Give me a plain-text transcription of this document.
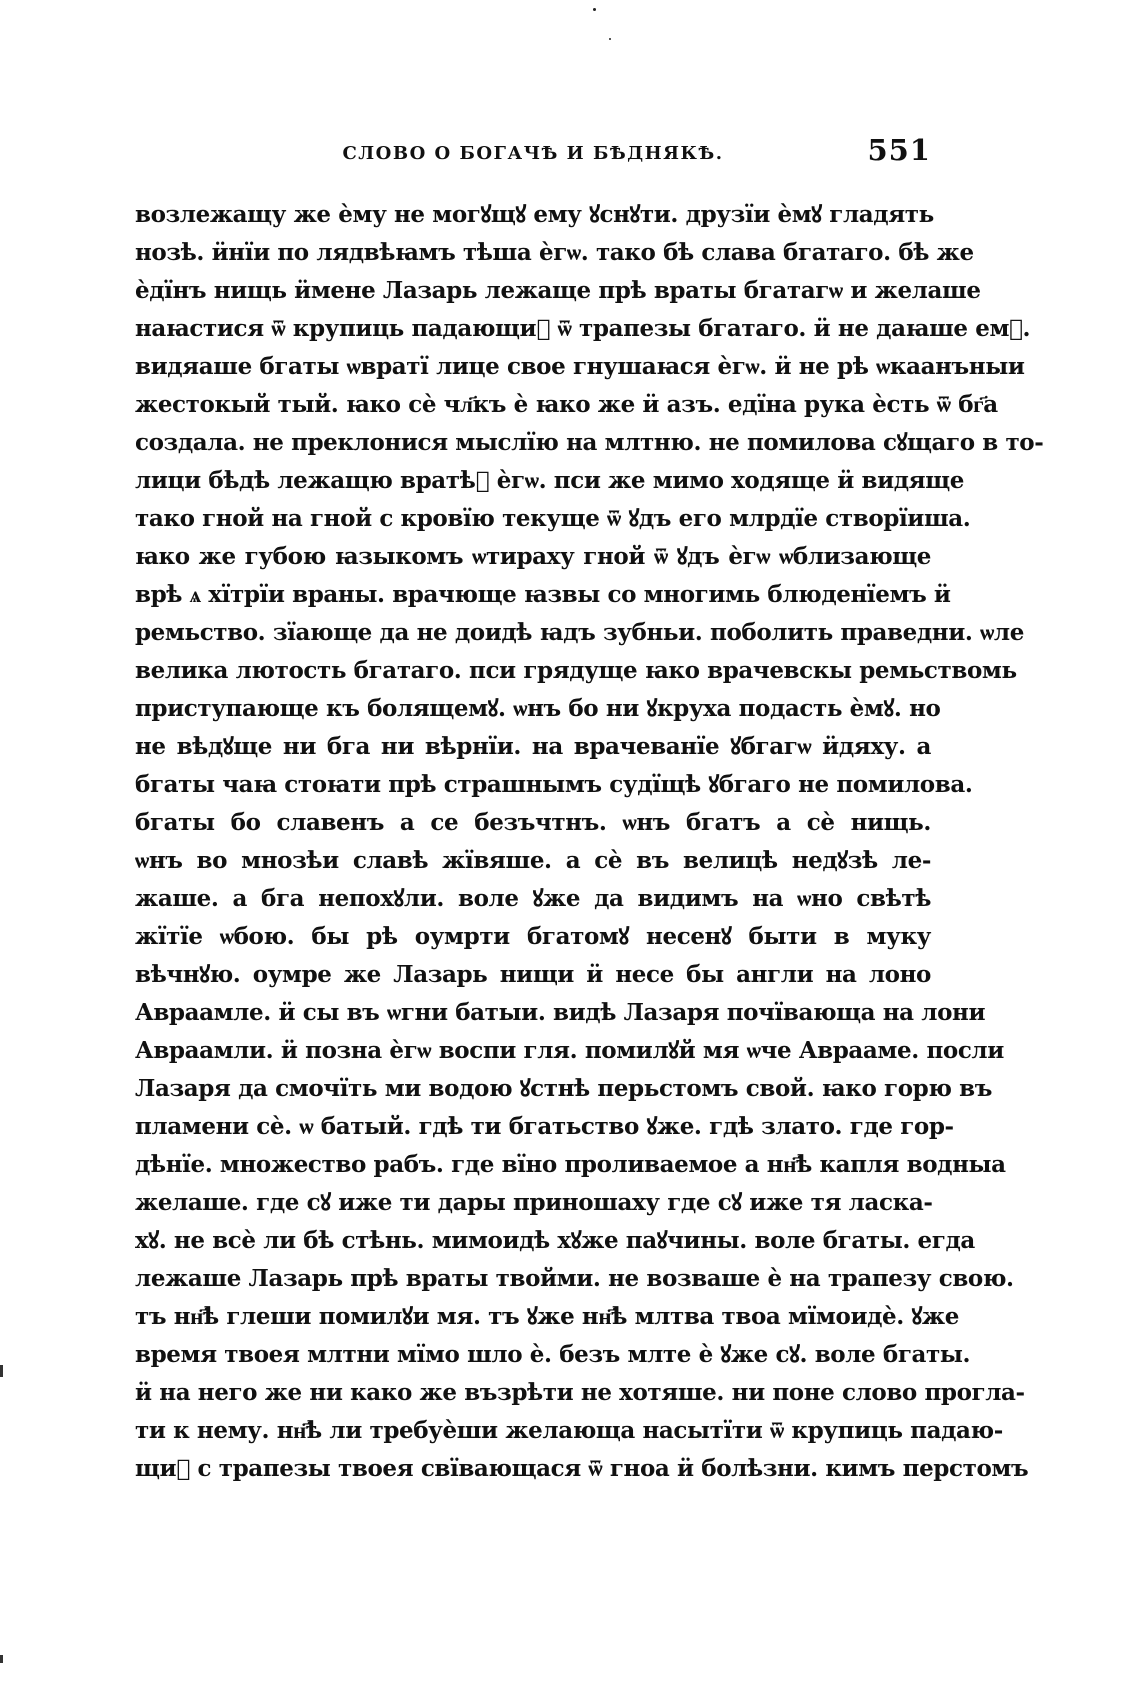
СЛОВО О БОГАЧѢ И БѢДНЯКѢ.	551
возлежащу же ѐму не могꙋщꙋ ему ꙋснꙋти. друзїи ѐмꙋ гладять
нозѣ. ӥнїи по лядвѣꙗмъ тѣша ѐгѡ. тако бѣ слава бгатаго. бѣ же
ѐдїнъ нищь ӥмене Лазарь лежаще прѣ враты бгатагѡ и желаше
наꙗстися ѿ крупиць падающиⷯ ѿ трапезы бгатаго. ӥ не даꙗше емꙋ.
видяаше бгаты ѡвратї лице свое гнушаꙗся ѐгѡ. ӥ не рѣ ѡкаанъныи
жестокый тый. ꙗко сѐ чл҃къ ѐ ꙗко же ӥ азъ. едїна рука ѐсть ѿ бг҃а
создала. не преклонися мыслїю на млтню. не помилова сꙋщаго в то-
лици бѣдѣ лежащю вратѣⷯ ѐгѡ. пси же мимо ходяще ӥ видяще
тако гной на гной с кровїю текуще ѿ ꙋдъ его млрдїе створїиша.
ꙗко же губою ꙗзыкомъ ѡтираху гной ѿ ꙋдъ ѐгѡ ѡблизающе
врѣ ѧ хїтрїи враны. врачюще ꙗзвы со многимь блюденїемъ ӥ
ремьство. зїающе да не доидѣ ꙗдъ зубньи. поболить праведни. ѡле
велика лютость бгатаго. пси грядуще ꙗко врачевскы ремьствомь
приступающе къ болящемꙋ. ѡнъ бо ни ꙋкруха подасть ѐмꙋ. но
не вѣдꙋще ни бга ни вѣрнїи. на врачеванїе ꙋбгагѡ ӥдяху. а
бгаты чаꙗ стоꙗти прѣ страшнымъ судїщѣ ꙋбгаго не помилова.
бгаты бо славенъ а се безъчтнъ. ѡнъ бгатъ а сѐ нищь.
ѡнъ во мнозѣи славѣ жївяше. а сѐ въ велицѣ недꙋзѣ ле-
жаше. а бга непохꙋли. воле ꙋже да видимъ на ѡно свѣтѣ
жїтїе ѡбою. бы рѣ оумрти бгатомꙋ несенꙋ быти в муку
вѣчнꙋю. оумре же Лазарь нищи ӥ несе бы англи на лоно
Авраамле. ӥ сы въ ѡгни батыи. видѣ Лазаря почївающа на лони
Авраамли. ӥ позна ѐгѡ воспи гля. помилꙋй мя ѡче Аврааме. посли
Лазаря да смочїть ми водою ꙋстнѣ перьстомъ свой. ꙗко горю въ
пламени сѐ. ѡ батый. гдѣ ти бгатьство ꙋже. гдѣ злато. где гор-
дѣнїе. множество рабъ. где вїно проливаемое а нн҃ѣ капля водныа
желаше. где сꙋ иже ти дары приношаху где сꙋ иже тя ласка-
хꙋ. не всѐ ли бѣ стѣнь. мимоидѣ хꙋже паꙋчины. воле бгаты. егда
лежаше Лазарь прѣ враты твойми. не возваше ѐ на трапезу свою.
тъ нн҃ѣ глеши помилꙋи мя. тъ ꙋже нн҃ѣ млтва твоа мїмоидѐ. ꙋже
время твоея млтни мїмо шло ѐ. безъ млте ѐ ꙋже сꙋ. воле бгаты.
ӥ на него же ни како же възрѣти не хотяше. ни поне слово прогла-
ти к нему. нн҃ѣ ли требуѐши желающа насытїти ѿ крупиць падаю-
щиⷯ с трапезы твоея свївающася ѿ гноа ӥ болѣзни. кимъ перстомъ
